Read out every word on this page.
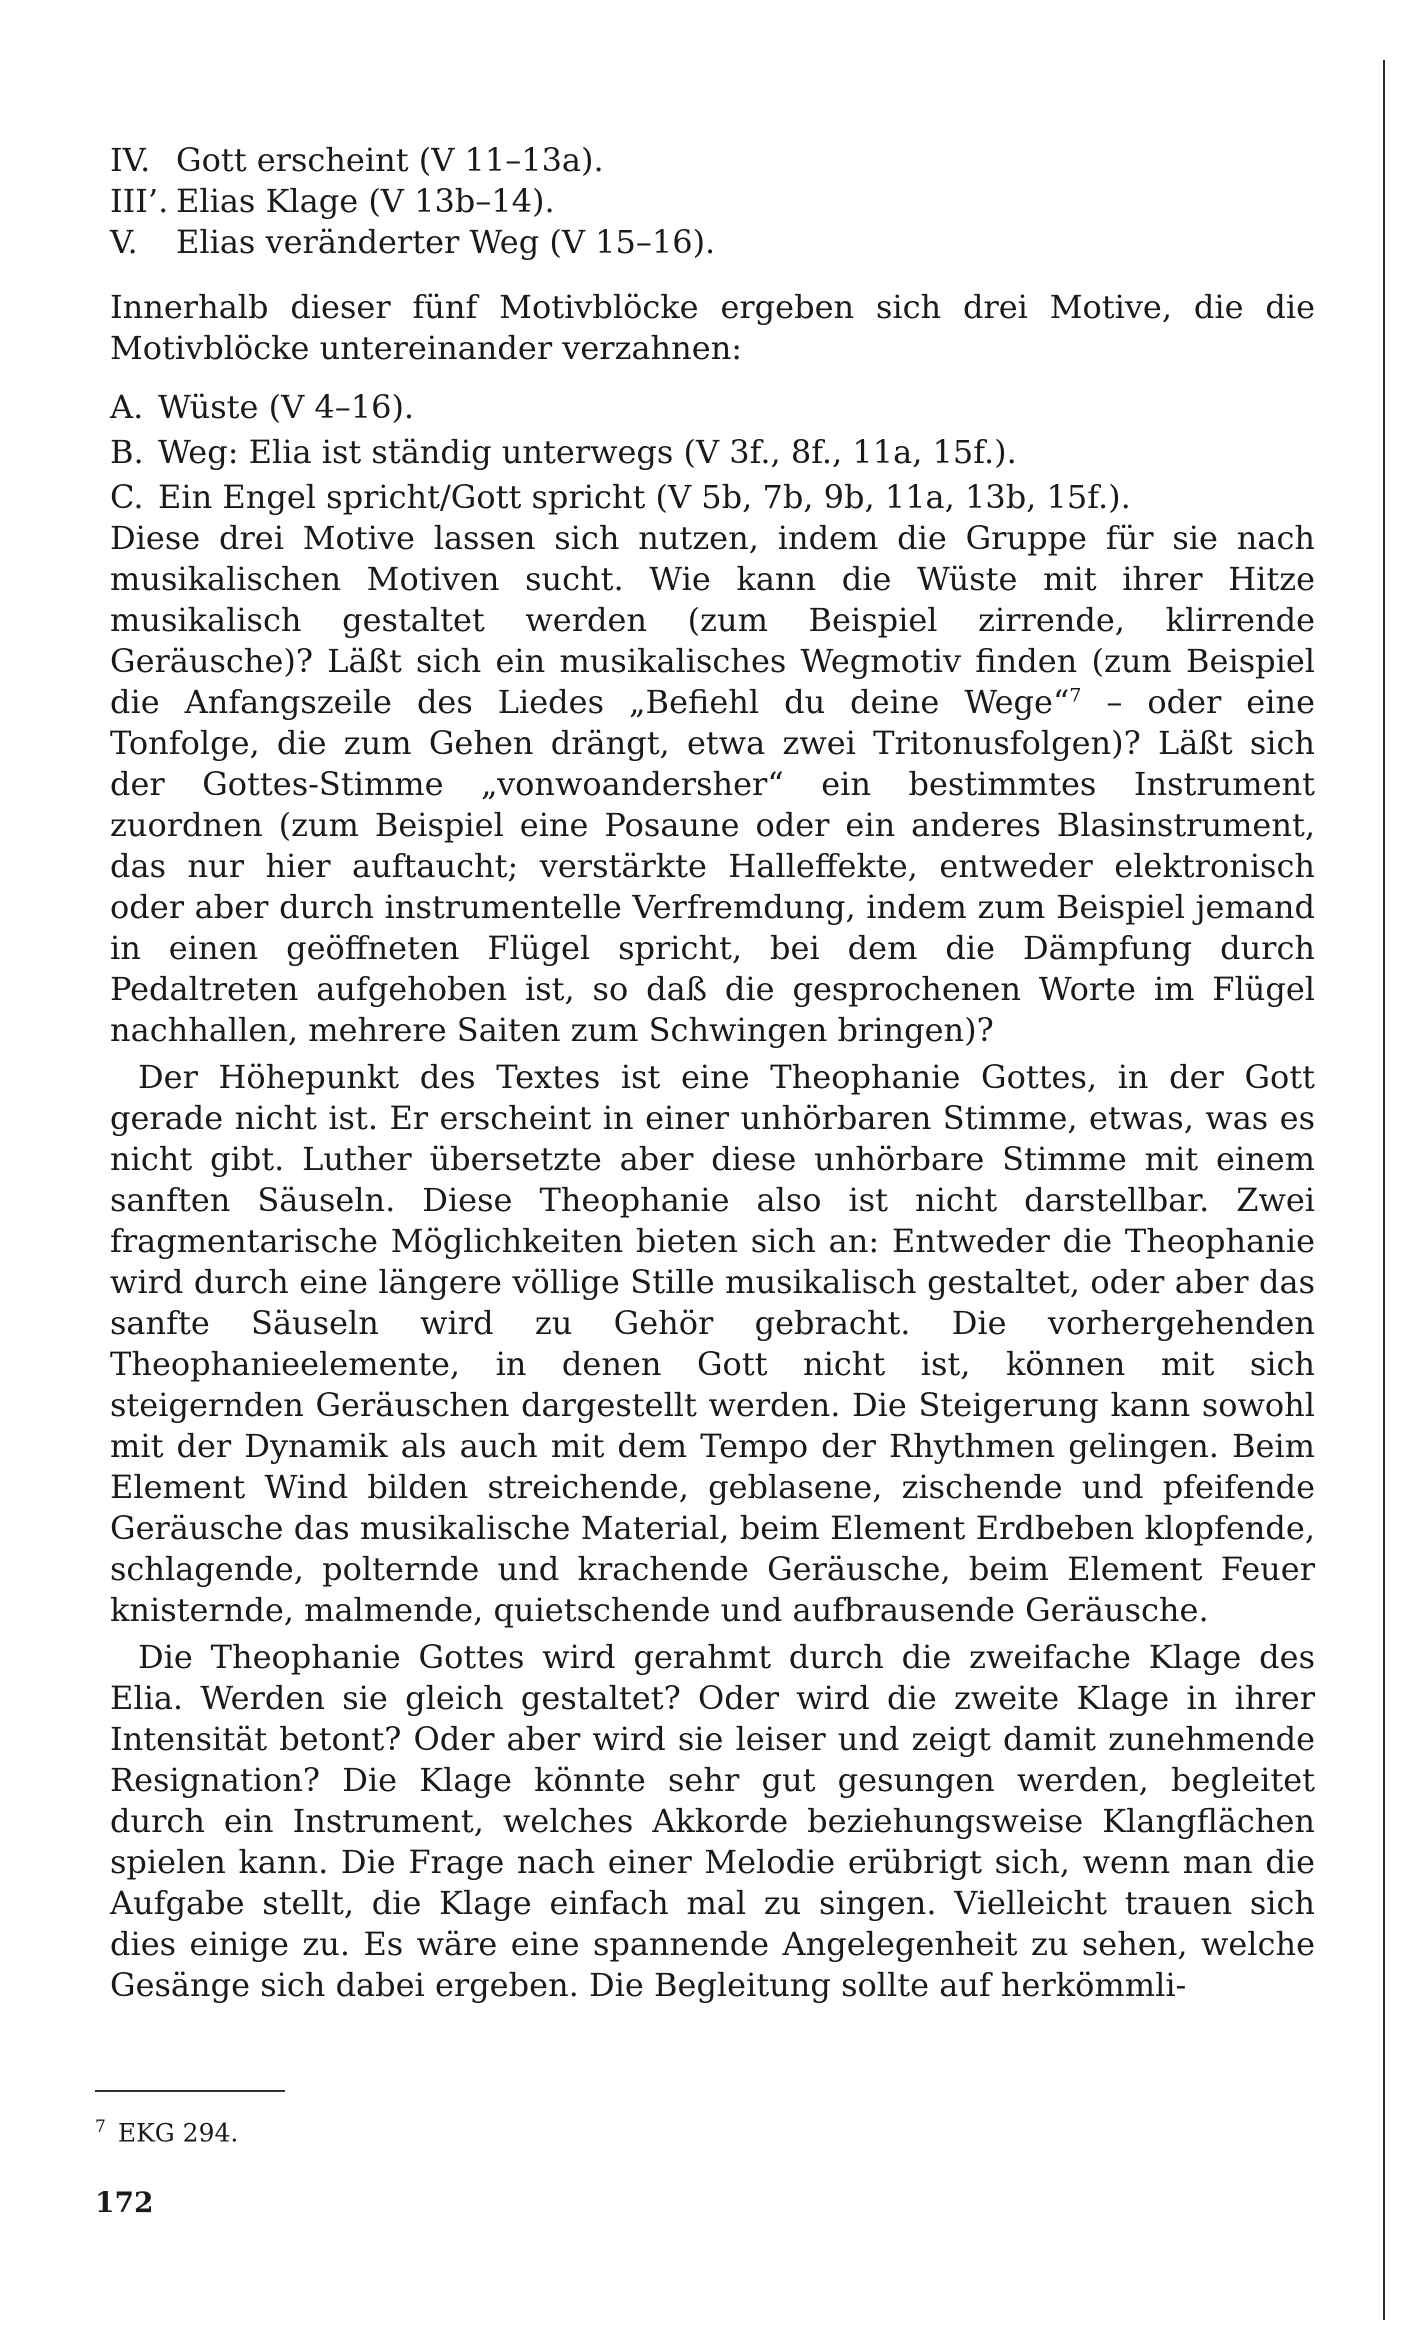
IV. Gott erscheint (V 11–13a).
III’. Elias Klage (V 13b–14).
V.	Elias veränderter Weg (V 15–16).

Innerhalb dieser fünf Motivblöcke ergeben sich drei Motive, die die Motivblöcke untereinander verzahnen:

A. Wüste (V 4–16).
B. Weg: Elia ist ständig unterwegs (V 3f., 8f., 11a, 15f.).
C. Ein Engel spricht/Gott spricht (V 5b, 7b, 9b, 11a, 13b, 15f.).

Diese drei Motive lassen sich nutzen, indem die Gruppe für sie nach musikalischen Motiven sucht. Wie kann die Wüste mit ihrer Hitze musikalisch gestaltet werden (zum Beispiel zirrende, klirrende Geräusche)? Läßt sich ein musikalisches Wegmotiv finden (zum Beispiel die Anfangszeile des Liedes „Befiehl du deine Wege“$^7$ – oder eine Tonfolge, die zum Gehen drängt, etwa zwei Tritonusfolgen)? Läßt sich der Gottes-Stimme „vonwoandersher“ ein bestimmtes Instrument zuordnen (zum Beispiel eine Posaune oder ein anderes Blasinstrument, das nur hier auftaucht; verstärkte Halleffekte, entweder elektronisch oder aber durch instrumentelle Verfremdung, indem zum Beispiel jemand in einen geöffneten Flügel spricht, bei dem die Dämpfung durch Pedaltreten aufgehoben ist, so daß die gesprochenen Worte im Flügel nachhallen, mehrere Saiten zum Schwingen bringen)?

Der Höhepunkt des Textes ist eine Theophanie Gottes, in der Gott gerade nicht ist. Er erscheint in einer unhörbaren Stimme, etwas, was es nicht gibt. Luther übersetzte aber diese unhörbare Stimme mit einem sanften Säuseln. Diese Theophanie also ist nicht darstellbar. Zwei fragmentarische Möglichkeiten bieten sich an: Entweder die Theophanie wird durch eine längere völlige Stille musikalisch gestaltet, oder aber das sanfte Säuseln wird zu Gehör gebracht. Die vorhergehenden Theophanieelemente, in denen Gott nicht ist, können mit sich steigernden Geräuschen dargestellt werden. Die Steigerung kann sowohl mit der Dynamik als auch mit dem Tempo der Rhythmen gelingen. Beim Element Wind bilden streichende, geblasene, zischende und pfeifende Geräusche das musikalische Material, beim Element Erdbeben klopfende, schlagende, polternde und krachende Geräusche, beim Element Feuer knisternde, malmende, quietschende und aufbrausende Geräusche.

Die Theophanie Gottes wird gerahmt durch die zweifache Klage des Elia. Werden sie gleich gestaltet? Oder wird die zweite Klage in ihrer Intensität betont? Oder aber wird sie leiser und zeigt damit zunehmende Resignation? Die Klage könnte sehr gut gesungen werden, begleitet durch ein Instrument, welches Akkorde beziehungsweise Klangflächen spielen kann. Die Frage nach einer Melodie erübrigt sich, wenn man die Aufgabe stellt, die Klage einfach mal zu singen. Vielleicht trauen sich dies einige zu. Es wäre eine spannende Angelegenheit zu sehen, welche Gesänge sich dabei ergeben. Die Begleitung sollte auf herkömmli-

$^7$ EKG 294.
172
